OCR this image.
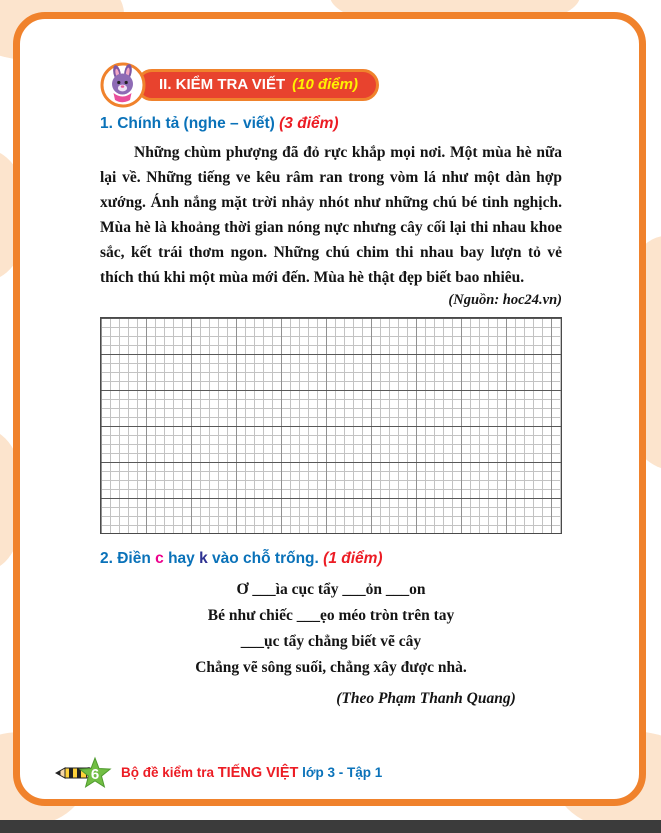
II. KIỂM TRA VIẾT (10 điểm)
1. Chính tả (nghe – viết) (3 điểm)

Những chùm phượng đã đỏ rực khắp mọi nơi. Một mùa hè nữa lại về. Những tiếng ve kêu râm ran trong vòm lá như một dàn hợp xướng. Ánh nắng mặt trời nhảy nhót như những chú bé tinh nghịch. Mùa hè là khoảng thời gian nóng nực nhưng cây cối lại thi nhau khoe sắc, kết trái thơm ngon. Những chú chim thi nhau bay lượn tỏ vẻ thích thú khi một mùa mới đến. Mùa hè thật đẹp biết bao nhiêu.

(Nguồn: hoc24.vn)
2. Điền c hay k vào chỗ trống. (1 điểm)
Ơ ___ìa cục tẩy ___ỏn ___on
Bé như chiếc ___ẹo méo tròn trên tay
___ục tẩy chẳng biết vẽ cây
Chẳng vẽ sông suối, chẳng xây được nhà.
(Theo Phạm Thanh Quang)
6	Bộ đề kiểm tra TIẾNG VIỆT lớp 3 - Tập 1
